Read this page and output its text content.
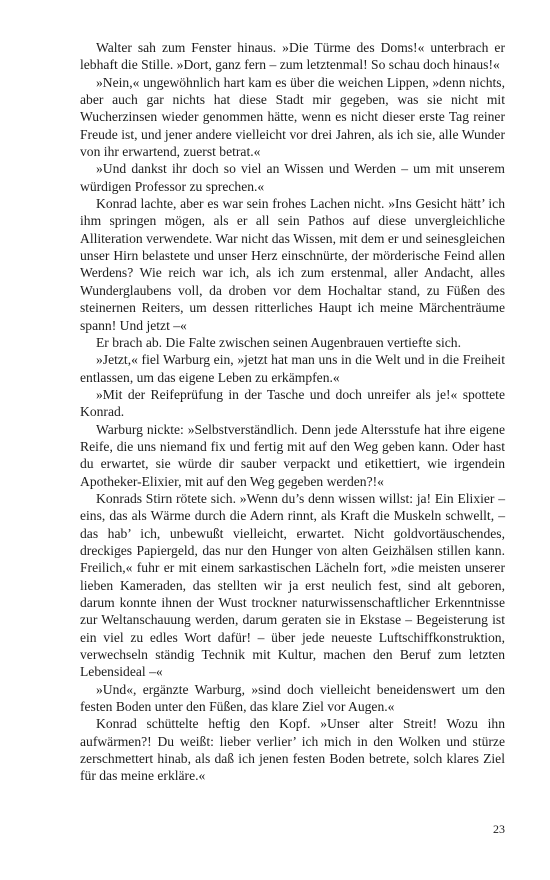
Walter sah zum Fenster hinaus. »Die Türme des Doms!« unterbrach er lebhaft die Stille. »Dort, ganz fern – zum letztenmal! So schau doch hinaus!«

»Nein,« ungewöhnlich hart kam es über die weichen Lippen, »denn nichts, aber auch gar nichts hat diese Stadt mir gegeben, was sie nicht mit Wucherzinsen wieder genommen hätte, wenn es nicht dieser erste Tag reiner Freude ist, und jener andere vielleicht vor drei Jahren, als ich sie, alle Wunder von ihr erwartend, zuerst betrat.«

»Und dankst ihr doch so viel an Wissen und Werden – um mit unserem würdigen Professor zu sprechen.«

Konrad lachte, aber es war sein frohes Lachen nicht. »Ins Gesicht hätt’ ich ihm springen mögen, als er all sein Pathos auf diese unvergleichliche Alliteration verwendete. War nicht das Wissen, mit dem er und seinesgleichen unser Hirn belastete und unser Herz einschnürte, der mörderische Feind allen Werdens? Wie reich war ich, als ich zum erstenmal, aller Andacht, alles Wunderglaubens voll, da droben vor dem Hochaltar stand, zu Füßen des steinernen Reiters, um dessen ritterliches Haupt ich meine Märchenträume spann! Und jetzt –«

Er brach ab. Die Falte zwischen seinen Augenbrauen vertiefte sich.

»Jetzt,« fiel Warburg ein, »jetzt hat man uns in die Welt und in die Freiheit entlassen, um das eigene Leben zu erkämpfen.«

»Mit der Reifeprüfung in der Tasche und doch unreifer als je!« spottete Konrad.

Warburg nickte: »Selbstverständlich. Denn jede Altersstufe hat ihre eigene Reife, die uns niemand fix und fertig mit auf den Weg geben kann. Oder hast du erwartet, sie würde dir sauber verpackt und etikettiert, wie irgendein Apotheker-Elixier, mit auf den Weg gegeben werden?!«

Konrads Stirn rötete sich. »Wenn du’s denn wissen willst: ja! Ein Elixier – eins, das als Wärme durch die Adern rinnt, als Kraft die Muskeln schwellt, – das hab’ ich, unbewußt vielleicht, erwartet. Nicht goldvortäuschendes, dreckiges Papiergeld, das nur den Hunger von alten Geizhälsen stillen kann. Freilich,« fuhr er mit einem sarkastischen Lächeln fort, »die meisten unserer lieben Kameraden, das stellten wir ja erst neulich fest, sind alt geboren, darum konnte ihnen der Wust trockner naturwissenschaftlicher Erkenntnisse zur Weltanschauung werden, darum geraten sie in Ekstase – Begeisterung ist ein viel zu edles Wort dafür! – über jede neueste Luftschiffkonstruktion, verwechseln ständig Technik mit Kultur, machen den Beruf zum letzten Lebensideal –«

»Und«, ergänzte Warburg, »sind doch vielleicht beneidenswert um den festen Boden unter den Füßen, das klare Ziel vor Augen.«

Konrad schüttelte heftig den Kopf. »Unser alter Streit! Wozu ihn aufwärmen?! Du weißt: lieber verlier’ ich mich in den Wolken und stürze zerschmettert hinab, als daß ich jenen festen Boden betrete, solch klares Ziel für das meine erkläre.«

23
